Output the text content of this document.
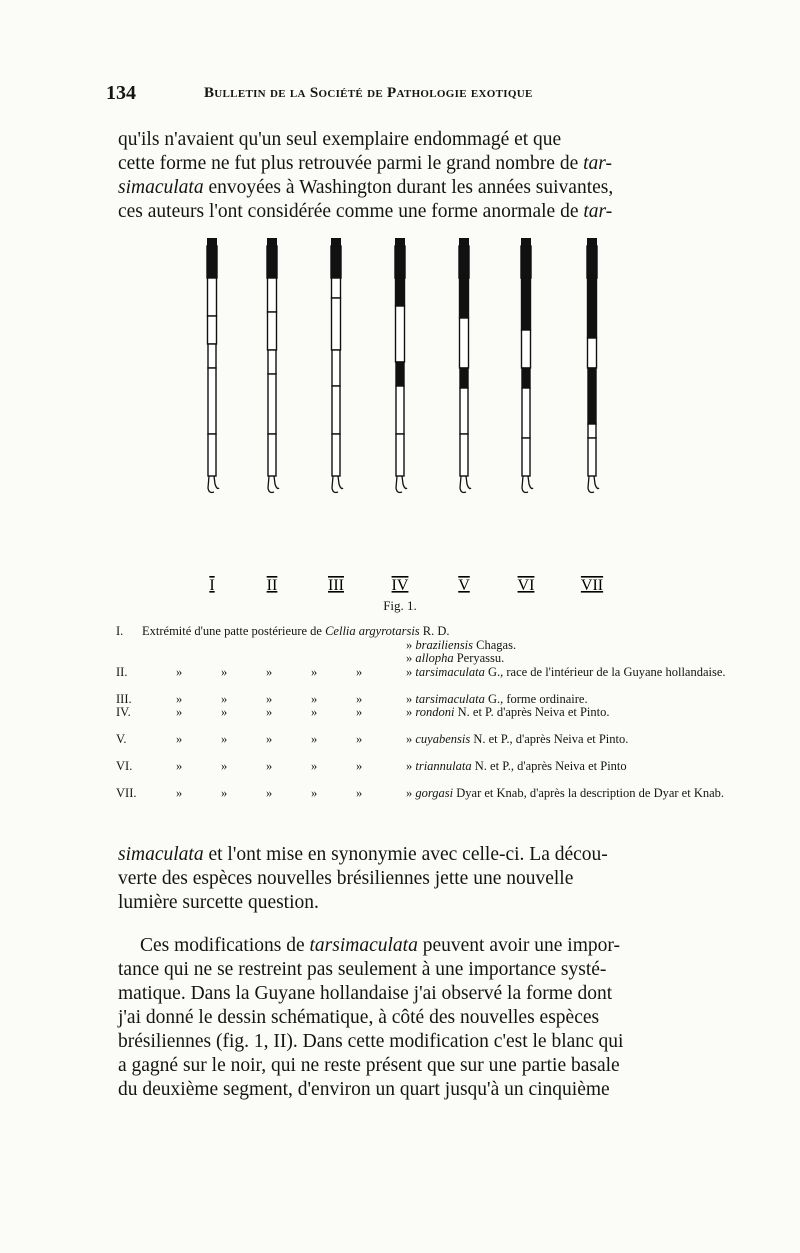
134	Bulletin de la Société de Pathologie exotique
qu'ils n'avaient qu'un seul exemplaire endommagé et que
cette forme ne fut plus retrouvée parmi le grand nombre de tar-
simaculata envoyées à Washington durant les années suivantes,
ces auteurs l'ont considérée comme une forme anormale de tar-
I	II	III	IV	V	VI	VII
Fig. 1.
I. Extrémité d'une patte postérieure de Cellia argyrotarsis R. D.
» braziliensis Chagas.
» allopha Peryassu.
II.	»	»	»	»	»	» tarsimaculata G., race de l'intérieur de la Guyane hollandaise.
III.	»	»	»	»	»	» tarsimaculata G., forme ordinaire.
IV.	»	»	»	»	»	» rondoni N. et P. d'après Neiva et Pinto.
V.	»	»	»	»	»	» cuyabensis N. et P., d'après Neiva et Pinto.
VI.	»	»	»	»	»	» triannulata N. et P., d'après Neiva et Pinto
VII.	»	»	»	»	»	» gorgasi Dyar et Knab, d'après la description de Dyar et Knab.
simaculata et l'ont mise en synonymie avec celle-ci. La décou-
verte des espèces nouvelles brésiliennes jette une nouvelle
lumière surcette question.
Ces modifications de tarsimaculata peuvent avoir une impor-
tance qui ne se restreint pas seulement à une importance systé-
matique. Dans la Guyane hollandaise j'ai observé la forme dont
j'ai donné le dessin schématique, à côté des nouvelles espèces
brésiliennes (fig. 1, II). Dans cette modification c'est le blanc qui
a gagné sur le noir, qui ne reste présent que sur une partie basale
du deuxième segment, d'environ un quart jusqu'à un cinquième
